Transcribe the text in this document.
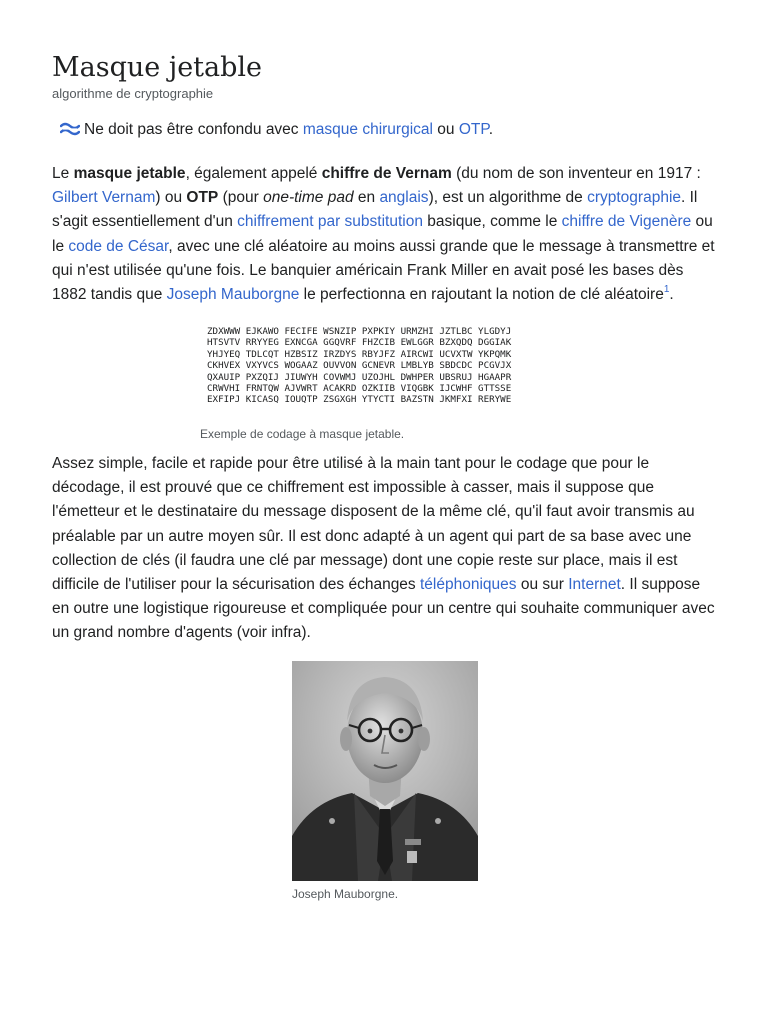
Masque jetable
algorithme de cryptographie
Ne doit pas être confondu avec masque chirurgical ou OTP.

Le masque jetable, également appelé chiffre de Vernam (du nom de son inventeur en 1917 : Gilbert Vernam) ou OTP (pour one-time pad en anglais), est un algorithme de cryptographie. Il s'agit essentiellement d'un chiffrement par substitution basique, comme le chiffre de Vigenère ou le code de César, avec une clé aléatoire au moins aussi grande que le message à transmettre et qui n'est utilisée qu'une fois. Le banquier américain Frank Miller en avait posé les bases dès 1882 tandis que Joseph Mauborgne le perfectionna en rajoutant la notion de clé aléatoire$^1$.

ZDXWWW EJKAWO FECIFE WSNZIP PXPKIY URMZHI JZTLBC YLGDYJ
HTSVTV RRYYEG EXNCGA GGQVRF FHZCIB EWLGGR BZXQDQ DGGIAK
YHJYEQ TDLCQT HZBSIZ IRZDYS RBYJFZ AIRCWI UCVXTW YKPQMK
CKHVEX VXYVCS WOGAAZ OUVVON GCNEVR LMBLYB SBDCDC PCGVJX
QXAUIP PXZQIJ JIUWYH COVWMJ UZOJHL DWHPER UBSRUJ HGAAPR
CRWVHI FRNTQW AJVWRT ACAKRD OZKIIB VIQGBK IJCWHF GTTSSE
EXFIPJ KICASQ IOUQTP ZSGXGH YTYCTI BAZSTN JKMFXI RERYWE
Exemple de codage à masque jetable.

Assez simple, facile et rapide pour être utilisé à la main tant pour le codage que pour le décodage, il est prouvé que ce chiffrement est impossible à casser, mais il suppose que l'émetteur et le destinataire du message disposent de la même clé, qu'il faut avoir transmis au préalable par un autre moyen sûr. Il est donc adapté à un agent qui part de sa base avec une collection de clés (il faudra une clé par message) dont une copie reste sur place, mais il est difficile de l'utiliser pour la sécurisation des échanges téléphoniques ou sur Internet. Il suppose en outre une logistique rigoureuse et compliquée pour un centre qui souhaite communiquer avec un grand nombre d'agents (voir infra).

Joseph Mauborgne.
